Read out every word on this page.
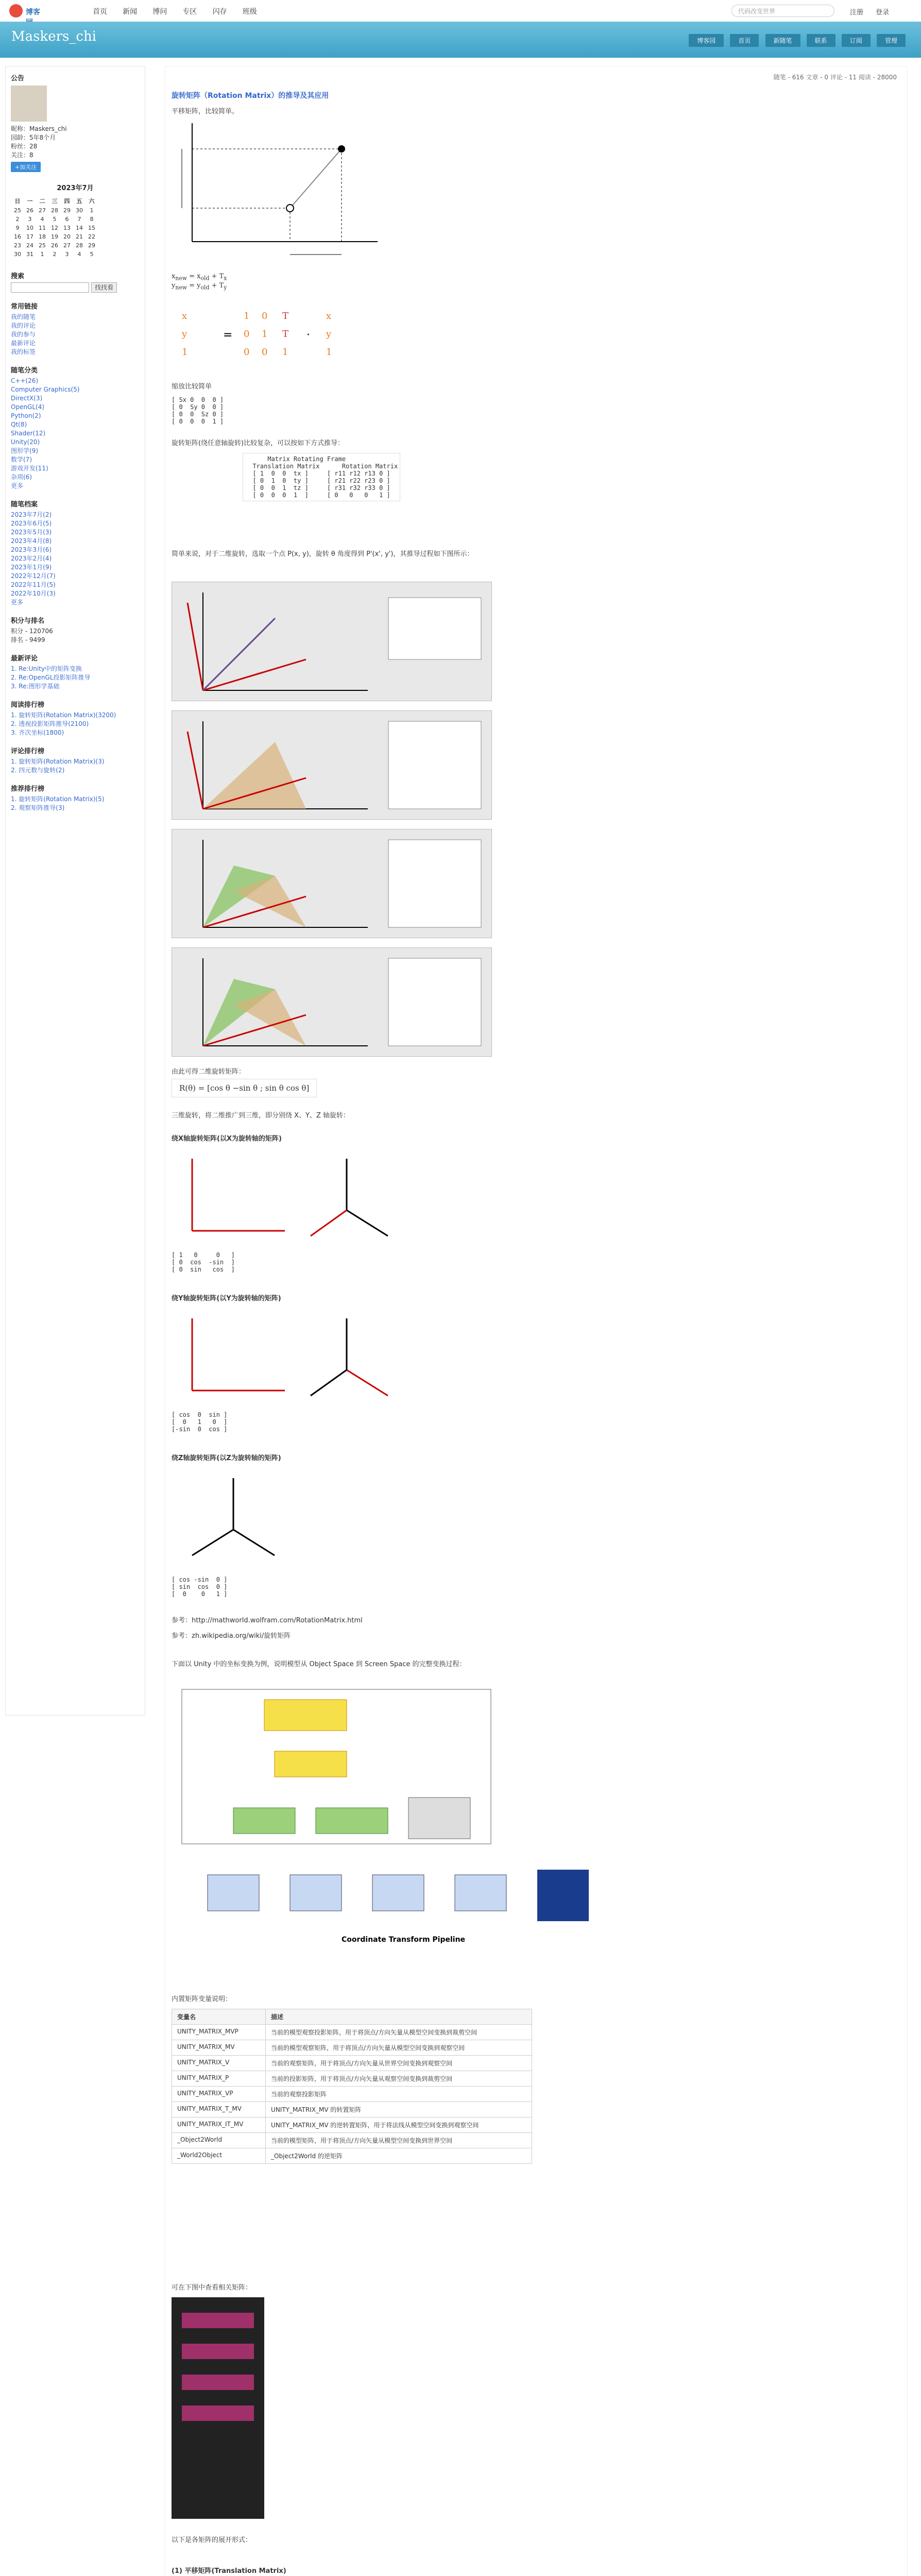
博客	首页 新闻 博问 专区 闪存 班级	代码改变世界	注册 登录
Maskers_chi	博客园	首页	新随笔	联系	订阅	管理
公告
昵称：Maskers_chi
园龄：5年8个月
粉丝：28
关注：8
+加关注
2023年7月
日	一	二	三	四	五	六
25	26	27	28	29	30	1
2	3	4	5	6	7	8
9	10	11	12	13	14	15
16	17	18	19	20	21	22
23	24	25	26	27	28	29
30	31	1	2	3	4	5
搜索
找找看
常用链接
我的随笔
我的评论
我的参与
最新评论
我的标签
随笔分类
C++(26)
Computer Graphics(5)
DirectX(3)
OpenGL(4)
Python(2)
Qt(8)
Shader(12)
Unity(20)
图形学(9)
数学(7)
游戏开发(11)
杂项(6)
更多
随笔档案
2023年7月(2)
2023年6月(5)
2023年5月(3)
2023年4月(8)
2023年3月(6)
2023年2月(4)
2023年1月(9)
2022年12月(7)
2022年11月(5)
2022年10月(3)
更多
积分与排名
积分 - 120706
排名 - 9499
最新评论
1. Re:Unity中的矩阵变换
2. Re:OpenGL投影矩阵推导
3. Re:图形学基础
阅读排行榜
1. 旋转矩阵(Rotation Matrix)(3200)
2. 透视投影矩阵推导(2100)
3. 齐次坐标(1800)
评论排行榜
1. 旋转矩阵(Rotation Matrix)(3)
2. 四元数与旋转(2)
推荐排行榜
1. 旋转矩阵(Rotation Matrix)(5)
2. 观察矩阵推导(3)
随笔 - 616 文章 - 0 评论 - 11 阅读 - 28000
旋转矩阵（Rotation Matrix）的推导及其应用
平移矩阵，比较简单。
$x_{new} = x_{old} + T_x$
$y_{new} = y_{old} + T_y$
x
y
1
1 0 T
0 1 T
0 0 1
x
y
1
=	·
缩放比较简单
[ Sx 0  0  0 ]
[ 0  Sy 0  0 ]
[ 0  0  Sz 0 ]
[ 0  0  0  1 ]
旋转矩阵(绕任意轴旋转)比较复杂，可以按如下方式推导：
Matrix Rotating Frame
Translation Matrix      Rotation Matrix
[ 1  0  0  tx ]     [ r11 r12 r13 0 ]
[ 0  1  0  ty ]     [ r21 r22 r23 0 ]
[ 0  0  1  tz ]     [ r31 r32 r33 0 ]
[ 0  0  0  1  ]     [ 0   0   0   1 ]
简单来说，对于二维旋转，选取一个点 P(x, y)，旋转 θ 角度得到 P'(x', y')，其推导过程如下图所示：
由此可得二维旋转矩阵：
R(θ) = [cos θ −sin θ ; sin θ cos θ]
三维旋转，将二维推广到三维，即分别绕 X、Y、Z 轴旋转：
绕X轴旋转矩阵(以X为旋转轴的矩阵)
[ 1   0     0   ]
[ 0  cos  -sin  ]
[ 0  sin   cos  ]
绕Y轴旋转矩阵(以Y为旋转轴的矩阵)
[ cos  0  sin ]
[  0   1   0  ]
[-sin  0  cos ]
绕Z轴旋转矩阵(以Z为旋转轴的矩阵)
[ cos -sin  0 ]
[ sin  cos  0 ]
[  0    0   1 ]
参考：http://mathworld.wolfram.com/RotationMatrix.html
参考：zh.wikipedia.org/wiki/旋转矩阵
下面以 Unity 中的坐标变换为例，说明模型从 Object Space 到 Screen Space 的完整变换过程：
Coordinate Transform Pipeline
内置矩阵变量说明：
变量名	描述
UNITY_MATRIX_MVP	当前的模型观察投影矩阵，用于将顶点/方向矢量从模型空间变换到裁剪空间
UNITY_MATRIX_MV	当前的模型观察矩阵，用于将顶点/方向矢量从模型空间变换到观察空间
UNITY_MATRIX_V	当前的观察矩阵，用于将顶点/方向矢量从世界空间变换到观察空间
UNITY_MATRIX_P	当前的投影矩阵，用于将顶点/方向矢量从观察空间变换到裁剪空间
UNITY_MATRIX_VP	当前的观察投影矩阵
UNITY_MATRIX_T_MV	UNITY_MATRIX_MV 的转置矩阵
UNITY_MATRIX_IT_MV	UNITY_MATRIX_MV 的逆转置矩阵，用于将法线从模型空间变换到观察空间
_Object2World	当前的模型矩阵，用于将顶点/方向矢量从模型空间变换到世界空间
_World2Object	_Object2World 的逆矩阵
可在下图中查看相关矩阵：
以下是各矩阵的展开形式：
(1) 平移矩阵(Translation Matrix)
